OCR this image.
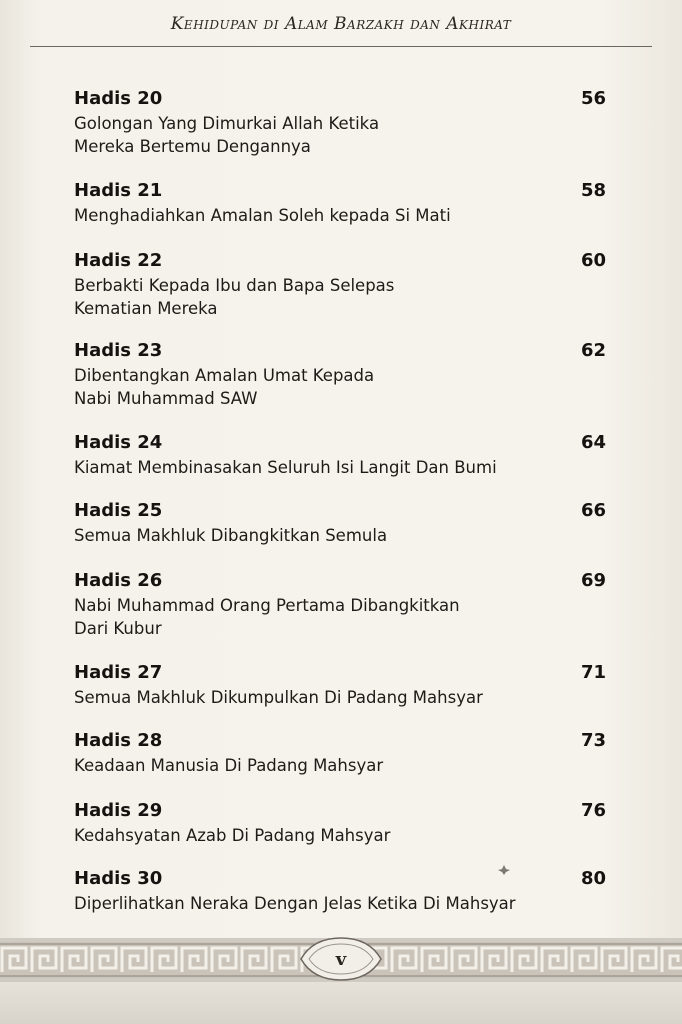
Kehidupan di Alam Barzakh dan Akhirat
Hadis 20	56
Golongan Yang Dimurkai Allah Ketika
Mereka Bertemu Dengannya
Hadis 21	58
Menghadiahkan Amalan Soleh kepada Si Mati
Hadis 22	60
Berbakti Kepada Ibu dan Bapa Selepas
Kematian Mereka
Hadis 23	62
Dibentangkan Amalan Umat Kepada
Nabi Muhammad SAW
Hadis 24	64
Kiamat Membinasakan Seluruh Isi Langit Dan Bumi
Hadis 25	66
Semua Makhluk Dibangkitkan Semula
Hadis 26	69
Nabi Muhammad Orang Pertama Dibangkitkan
Dari Kubur
Hadis 27	71
Semua Makhluk Dikumpulkan Di Padang Mahsyar
Hadis 28	73
Keadaan Manusia Di Padang Mahsyar
Hadis 29	76
Kedahsyatan Azab Di Padang Mahsyar
Hadis 30	80
Diperlihatkan Neraka Dengan Jelas Ketika Di Mahsyar
v
